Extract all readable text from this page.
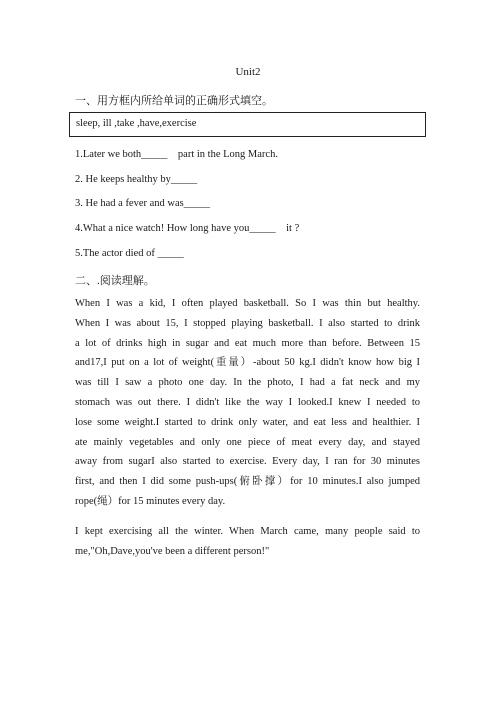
Unit2
一、用方框内所给单词的正确形式填空。
sleep, ill ,take ,have,exercise
1.Later we both_____    part in the Long March.
2. He keeps healthy by_____
3. He had a fever and was_____
4.What a nice watch! How long have you_____    it ?
5.The actor died of _____
二、.阅读理解。
When I was a kid, I often played basketball. So I was thin but healthy.
When I was about 15, I stopped playing basketball. I also started to drink
a lot of drinks high in sugar and eat much more than before. Between 15
and17,I put on a lot of weight(重量）-about 50 kg.I didn't know how big I
was till I saw a photo one day. In the photo, I had a fat neck and my
stomach was out there. I didn't like the way I looked.I knew I needed to
lose some weight.I started to drink only water, and eat less and healthier. I
ate mainly vegetables and only one piece of meat every day, and stayed
away from sugarI also started to exercise. Every day, I ran for 30 minutes
first, and then I did some push-ups(俯卧撑）for 10 minutes.I also jumped
rope(绳）for 15 minutes every day.
I kept exercising all the winter. When March came, many people said to
me,"Oh,Dave,you've been a different person!"
